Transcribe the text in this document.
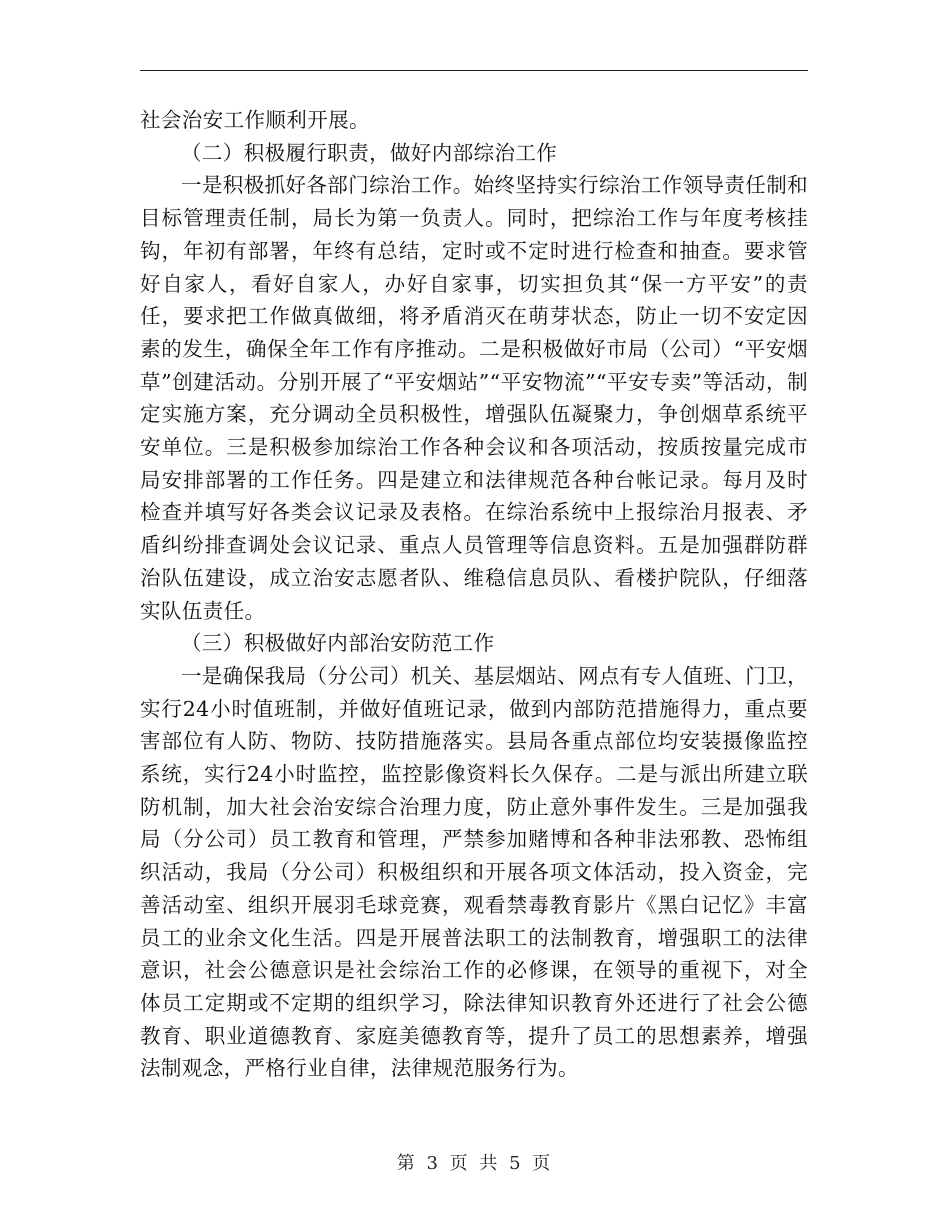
社会治安工作顺利开展。

（二）积极履行职责，做好内部综治工作

一是积极抓好各部门综治工作。始终坚持实行综治工作领导责任制和目标管理责任制，局长为第一负责人。同时，把综治工作与年度考核挂钩，年初有部署，年终有总结，定时或不定时进行检查和抽查。要求管好自家人，看好自家人，办好自家事，切实担负其“保一方平安”的责任，要求把工作做真做细，将矛盾消灭在萌芽状态，防止一切不安定因素的发生，确保全年工作有序推动。二是积极做好市局（公司）“平安烟草”创建活动。分别开展了“平安烟站”“平安物流”“平安专卖”等活动，制定实施方案，充分调动全员积极性，增强队伍凝聚力，争创烟草系统平安单位。三是积极参加综治工作各种会议和各项活动，按质按量完成市局安排部署的工作任务。四是建立和法律规范各种台帐记录。每月及时检查并填写好各类会议记录及表格。在综治系统中上报综治月报表、矛盾纠纷排查调处会议记录、重点人员管理等信息资料。五是加强群防群治队伍建设，成立治安志愿者队、维稳信息员队、看楼护院队，仔细落实队伍责任。

（三）积极做好内部治安防范工作

一是确保我局（分公司）机关、基层烟站、网点有专人值班、门卫，实行24小时值班制，并做好值班记录，做到内部防范措施得力，重点要害部位有人防、物防、技防措施落实。县局各重点部位均安装摄像监控系统，实行24小时监控，监控影像资料长久保存。二是与派出所建立联防机制，加大社会治安综合治理力度，防止意外事件发生。三是加强我局（分公司）员工教育和管理，严禁参加赌博和各种非法邪教、恐怖组织活动，我局（分公司）积极组织和开展各项文体活动，投入资金，完善活动室、组织开展羽毛球竞赛，观看禁毒教育影片《黑白记忆》丰富员工的业余文化生活。四是开展普法职工的法制教育，增强职工的法律意识，社会公德意识是社会综治工作的必修课，在领导的重视下，对全体员工定期或不定期的组织学习，除法律知识教育外还进行了社会公德教育、职业道德教育、家庭美德教育等，提升了员工的思想素养，增强法制观念，严格行业自律，法律规范服务行为。

第 3 页 共 5 页
